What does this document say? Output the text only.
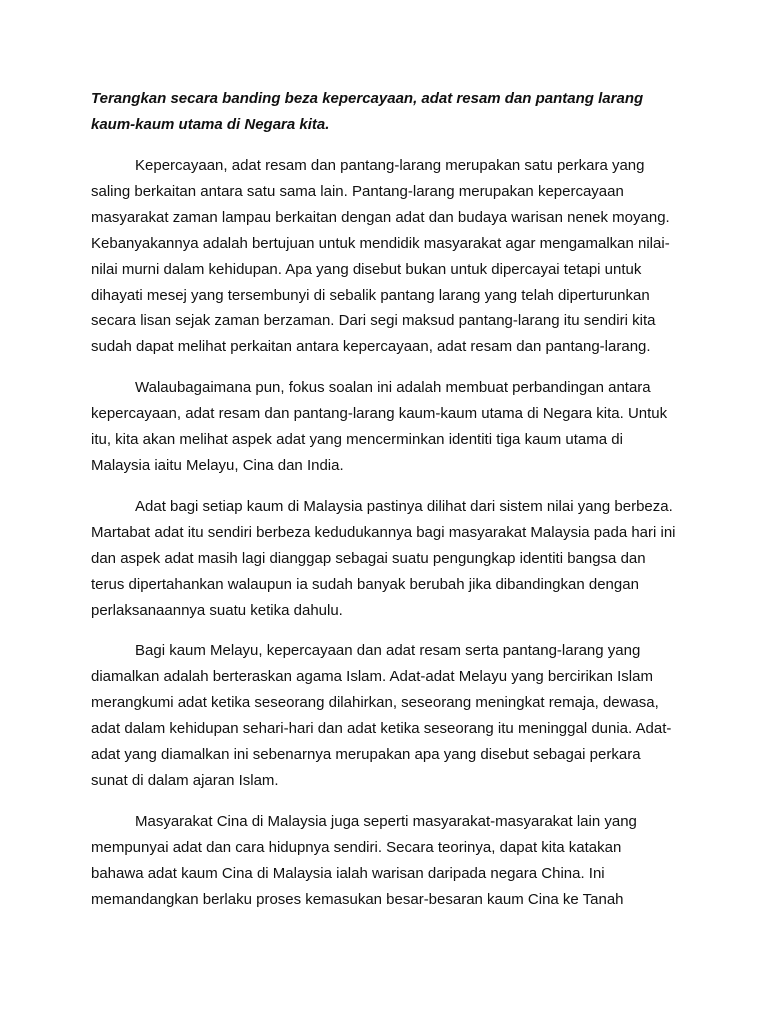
Terangkan secara banding beza kepercayaan, adat resam dan pantang larang
kaum-kaum utama di Negara kita.
Kepercayaan, adat resam dan pantang-larang merupakan satu perkara yang
saling berkaitan antara satu sama lain. Pantang-larang merupakan kepercayaan
masyarakat zaman lampau berkaitan dengan adat dan budaya warisan nenek moyang.
Kebanyakannya adalah bertujuan untuk mendidik masyarakat agar mengamalkan nilai-
nilai murni dalam kehidupan. Apa yang disebut bukan untuk dipercayai tetapi untuk
dihayati mesej yang tersembunyi di sebalik pantang larang yang telah diperturunkan
secara lisan sejak zaman berzaman. Dari segi maksud pantang-larang itu sendiri kita
sudah dapat melihat perkaitan antara kepercayaan, adat resam dan pantang-larang.
Walaubagaimana pun, fokus soalan ini adalah membuat perbandingan antara
kepercayaan, adat resam dan pantang-larang kaum-kaum utama di Negara kita. Untuk
itu, kita akan melihat aspek adat yang mencerminkan identiti tiga kaum utama di
Malaysia iaitu Melayu, Cina dan India.
Adat bagi setiap kaum di Malaysia pastinya dilihat dari sistem nilai yang berbeza.
Martabat adat itu sendiri berbeza kedudukannya bagi masyarakat Malaysia pada hari ini
dan aspek adat masih lagi dianggap sebagai suatu pengungkap identiti bangsa dan
terus dipertahankan walaupun ia sudah banyak berubah jika dibandingkan dengan
perlaksanaannya suatu ketika dahulu.
Bagi kaum Melayu, kepercayaan dan adat resam serta pantang-larang yang
diamalkan adalah berteraskan agama Islam. Adat-adat Melayu yang bercirikan Islam
merangkumi adat ketika seseorang dilahirkan, seseorang meningkat remaja, dewasa,
adat dalam kehidupan sehari-hari dan adat ketika seseorang itu meninggal dunia. Adat-
adat yang diamalkan ini sebenarnya merupakan apa yang disebut sebagai perkara
sunat di dalam ajaran Islam.
Masyarakat Cina di Malaysia juga seperti masyarakat-masyarakat lain yang
mempunyai adat dan cara hidupnya sendiri. Secara teorinya, dapat kita katakan
bahawa adat kaum Cina di Malaysia ialah warisan daripada negara China. Ini
memandangkan berlaku proses kemasukan besar-besaran kaum Cina ke Tanah
